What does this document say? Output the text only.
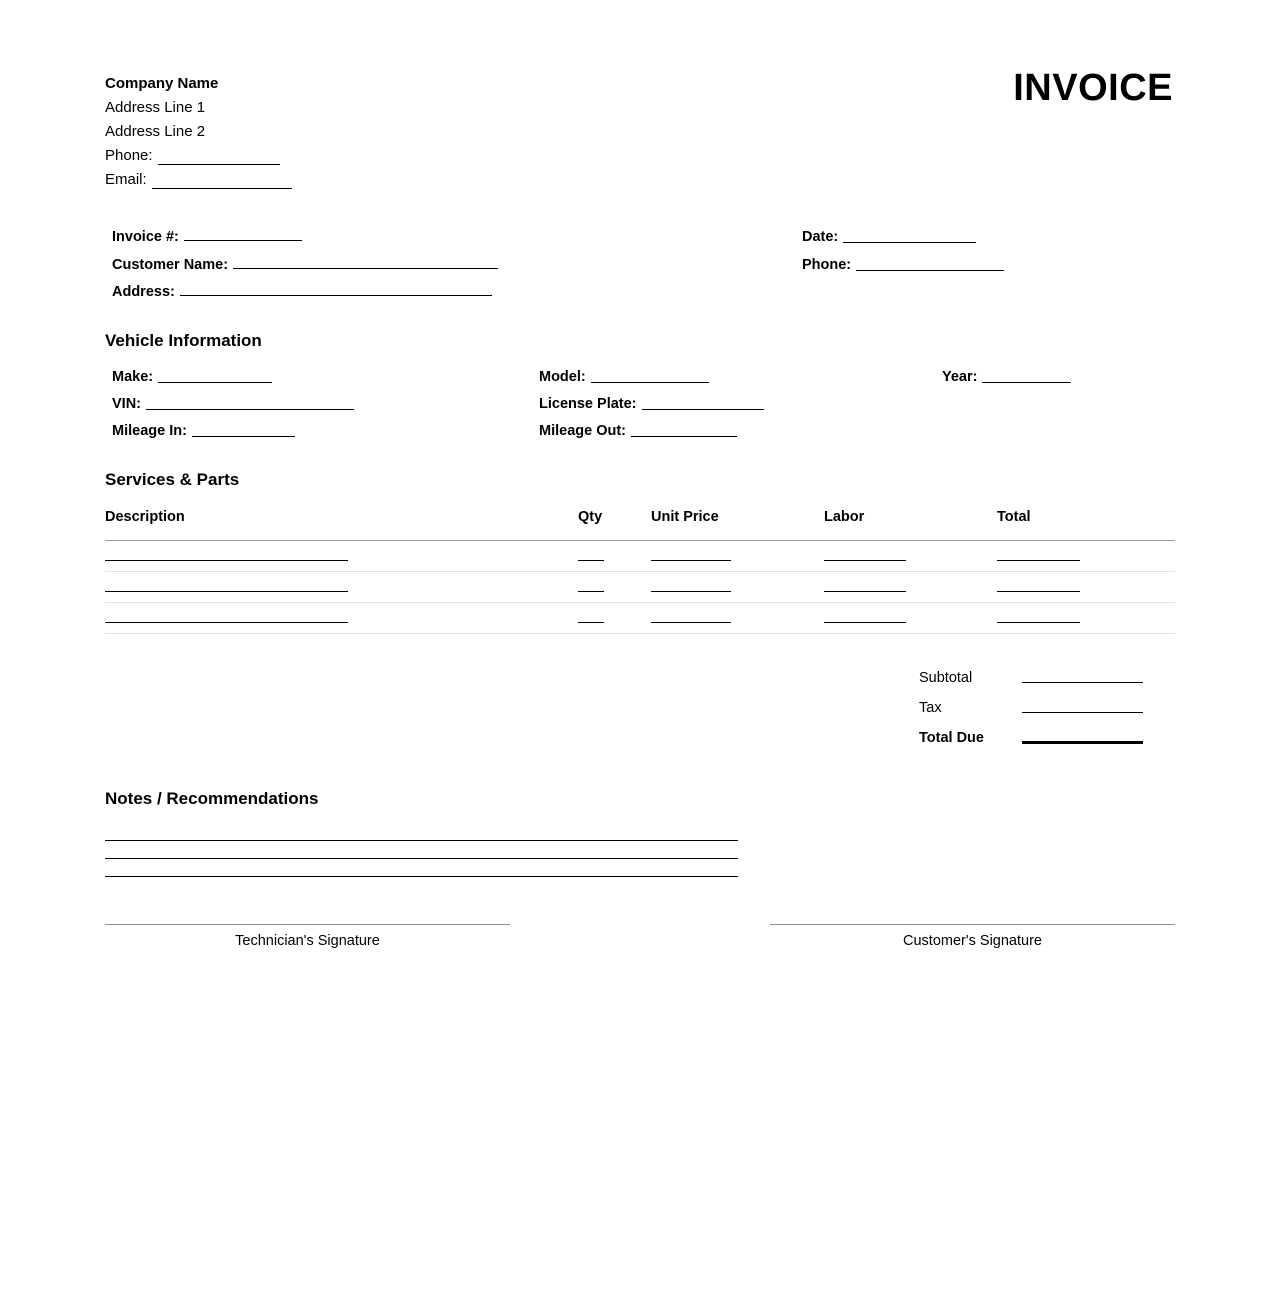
Company Name
Address Line 1
Address Line 2
Phone:
Email:
INVOICE
Invoice #:	Date:
Customer Name:	Phone:
Address:
Vehicle Information
Make:	Model:	Year:
VIN:	License Plate:
Mileage In:	Mileage Out:
Services & Parts
Description	Qty	Unit Price	Labor	Total
Subtotal
Tax
Total Due
Notes / Recommendations
Technician's Signature	Customer's Signature
